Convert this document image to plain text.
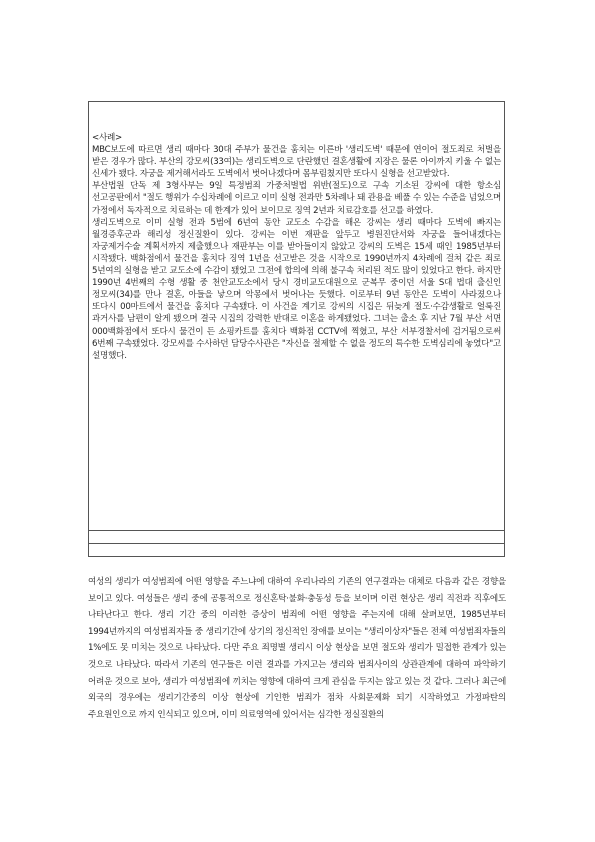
<사례>

MBC보도에 따르면 생리 때마다 30대 주부가 물건을 훔치는 이른바 '생리도벽' 때문에 연이어 절도죄로 처벌을 받은 경우가 많다. 부산의 강모씨(33여)는 생리도벽으로 단란했던 결혼생활에 지장은 물론 아이까지 키울 수 없는 신세가 됐다. 자궁을 제거해서라도 도벽에서 벗어나겠다며 몸부림쳤지만 또다시 실형을 선고받았다.

부산법원 단독 제 3형사부는 9일 특정범죄 가중처벌법 위반(절도)으로 구속 기소된 강씨에 대한 항소심 선고공판에서 "절도 행위가 수십차례에 이르고 이미 실형 전과만 5차례나 돼 관용을 베풀 수 있는 수준을 넘었으며 가정에서 독자적으로 치료하는 데 한계가 있어 보이므로 징역 2년과 치료감호를 선고를 하였다.

생리도벽으로 이미 실형 전과 5범에 6년여 동안 교도소 수감을 해온 강씨는 생리 때마다 도벽에 빠지는 월경증후군과 해리성 정신질환이 있다. 강씨는 이번 재판을 앞두고 병원진단서와 자궁을 들어내겠다는 자궁제거수술 계획서까지 제출했으나 재판부는 이를 받아들이지 않았고 강씨의 도벽은 15세 때인 1985년부터 시작됐다. 백화점에서 물건을 훔치다 징역 1년을 선고받은 것을 시작으로 1990년까지 4차례에 걸쳐 같은 죄로 5년여의 실형을 받고 교도소에 수감이 됐었고 그전에 합의에 의해 불구속 처리된 적도 많이 있었다고 한다. 하지만 1990년 4번째의 수형 생활 중 천안교도소에서 당시 경비교도대원으로 군복무 중이던 서울 S대 법대 출신인 정모씨(34)를 만나 결혼, 아들을 낳으며 악몽에서 벗어나는 듯했다. 이로부터 9년 동안은 도벽이 사라졌으나 또다시 00마트에서 물건을 훔치다 구속됐다. 이 사건을 계기로 강씨의 시집은 뒤늦게 절도·수감생활로 얼룩진 과거사를 남편이 알게 됐으며 결국 시집의 강력한 반대로 이혼을 하게됐었다. 그녀는 출소 후 지난 7월 부산 서면 000백화점에서 또다시 물건이 든 쇼핑카트를 훔치다 백화점 CCTV에 찍혔고, 부산 서부경찰서에 검거됨으로써 6번째 구속됐었다. 강모씨를 수사하던 담당수사관은 "자신을 절제할 수 없을 정도의 특수한 도벽심리에 놓였다"고 설명했다.

여성의 생리가 여성범죄에 어떤 영향을 주느냐에 대하여 우리나라의 기존의 연구결과는 대체로 다음과 같은 경향을 보이고 있다. 여성들은 생리 중에 공통적으로 정신혼탁·불화·충동성 등을 보이며 이런 현상은 생리 직전과 직후에도 나타난다고 한다. 생리 기간 중의 이러한 증상이 범죄에 어떤 영향을 주는지에 대해 살펴보면, 1985년부터 1994년까지의 여성범죄자들 중 생리기간에 상기의 정신적인 장애를 보이는 "생리이상자"들은 전체 여성범죄자들의 1%에도 못 미치는 것으로 나타났다. 다만 주요 죄명별 생리시 이상 현상을 보면 절도와 생리가 밀접한 관계가 있는 것으로 나타났다. 따라서 기존의 연구들은 이런 결과를 가지고는 생리와 범죄사이의 상관관계에 대하여 파악하기 어려운 것으로 보아, 생리가 여성범죄에 끼치는 영향에 대하여 크게 관심을 두지는 않고 있는 것 같다. 그러나 최근에 외국의 경우에는 생리기간중의 이상 현상에 기인한 범죄가 점차 사회문제화 되기 시작하였고 가정파탄의 주요원인으로 까지 인식되고 있으며, 이미 의료영역에 있어서는 심각한 정실질환의
